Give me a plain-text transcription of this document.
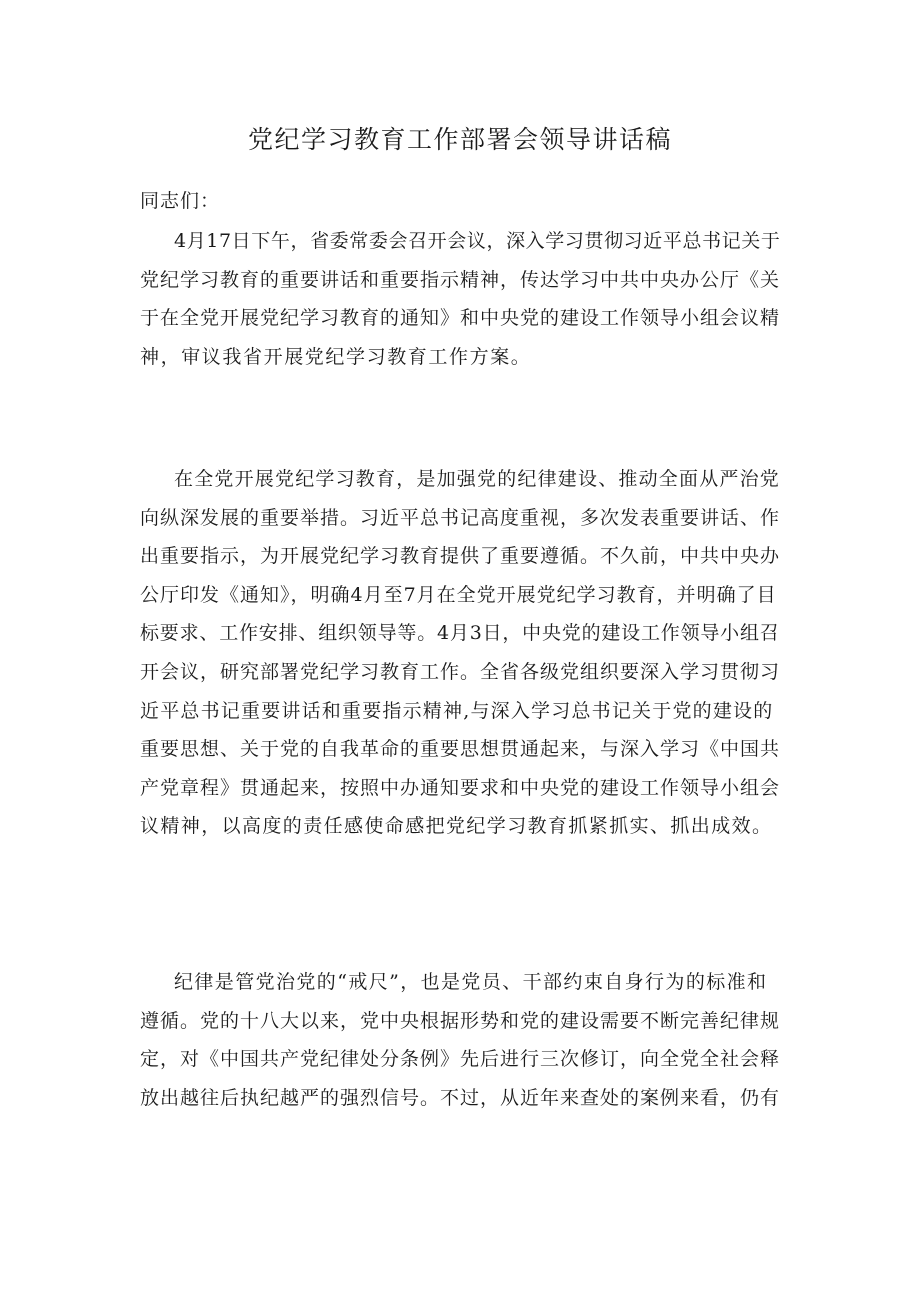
党纪学习教育工作部署会领导讲话稿
同志们：
4月17日下午，省委常委会召开会议，深入学习贯彻习近平总书记关于
党纪学习教育的重要讲话和重要指示精神，传达学习中共中央办公厅《关
于在全党开展党纪学习教育的通知》和中央党的建设工作领导小组会议精
神，审议我省开展党纪学习教育工作方案。
在全党开展党纪学习教育，是加强党的纪律建设、推动全面从严治党
向纵深发展的重要举措。习近平总书记高度重视，多次发表重要讲话、作
出重要指示，为开展党纪学习教育提供了重要遵循。不久前，中共中央办
公厅印发《通知》，明确4月至7月在全党开展党纪学习教育，并明确了目
标要求、工作安排、组织领导等。4月3日，中央党的建设工作领导小组召
开会议，研究部署党纪学习教育工作。全省各级党组织要深入学习贯彻习
近平总书记重要讲话和重要指示精神,与深入学习总书记关于党的建设的
重要思想、关于党的自我革命的重要思想贯通起来，与深入学习《中国共
产党章程》贯通起来，按照中办通知要求和中央党的建设工作领导小组会
议精神，以高度的责任感使命感把党纪学习教育抓紧抓实、抓出成效。
纪律是管党治党的“戒尺”，也是党员、干部约束自身行为的标准和
遵循。党的十八大以来，党中央根据形势和党的建设需要不断完善纪律规
定，对《中国共产党纪律处分条例》先后进行三次修订，向全党全社会释
放出越往后执纪越严的强烈信号。不过，从近年来查处的案例来看，仍有
